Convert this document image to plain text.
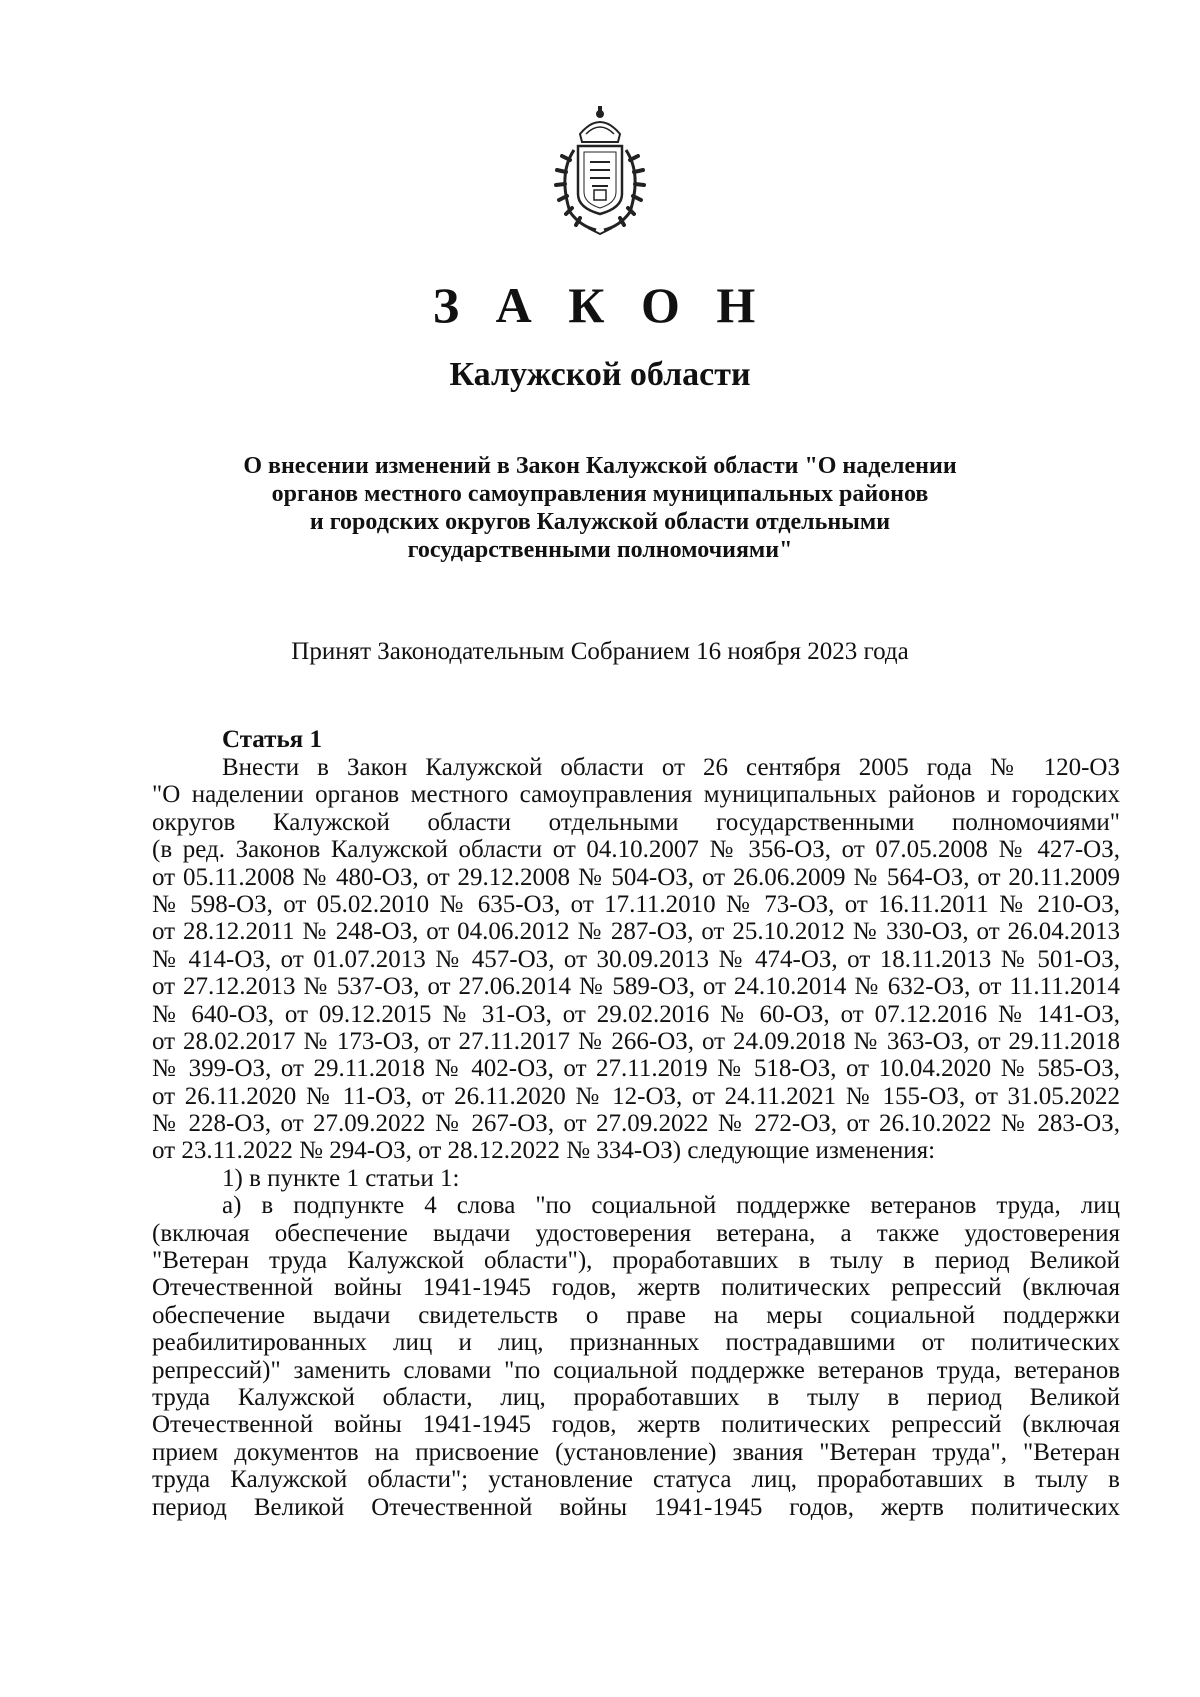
З А К О Н
Калужской области
О внесении изменений в Закон Калужской области "О наделении
органов местного самоуправления муниципальных районов
и городских округов Калужской области отдельными
государственными полномочиями"
Принят Законодательным Собранием 16 ноября 2023 года
Статья 1
Внести в Закон Калужской области от 26 сентября 2005 года № 120-ОЗ
"О наделении органов местного самоуправления муниципальных районов и городских
округов Калужской области отдельными государственными полномочиями"
(в ред. Законов Калужской области от 04.10.2007 № 356-ОЗ, от 07.05.2008 № 427-ОЗ,
от 05.11.2008 № 480-ОЗ, от 29.12.2008 № 504-ОЗ, от 26.06.2009 № 564-ОЗ, от 20.11.2009
№ 598-ОЗ, от 05.02.2010 № 635-ОЗ, от 17.11.2010 № 73-ОЗ, от 16.11.2011 № 210-ОЗ,
от 28.12.2011 № 248-ОЗ, от 04.06.2012 № 287-ОЗ, от 25.10.2012 № 330-ОЗ, от 26.04.2013
№ 414-ОЗ, от 01.07.2013 № 457-ОЗ, от 30.09.2013 № 474-ОЗ, от 18.11.2013 № 501-ОЗ,
от 27.12.2013 № 537-ОЗ, от 27.06.2014 № 589-ОЗ, от 24.10.2014 № 632-ОЗ, от 11.11.2014
№ 640-ОЗ, от 09.12.2015 № 31-ОЗ, от 29.02.2016 № 60-ОЗ, от 07.12.2016 № 141-ОЗ,
от 28.02.2017 № 173-ОЗ, от 27.11.2017 № 266-ОЗ, от 24.09.2018 № 363-ОЗ, от 29.11.2018
№ 399-ОЗ, от 29.11.2018 № 402-ОЗ, от 27.11.2019 № 518-ОЗ, от 10.04.2020 № 585-ОЗ,
от 26.11.2020 № 11-ОЗ, от 26.11.2020 № 12-ОЗ, от 24.11.2021 № 155-ОЗ, от 31.05.2022
№ 228-ОЗ, от 27.09.2022 № 267-ОЗ, от 27.09.2022 № 272-ОЗ, от 26.10.2022 № 283-ОЗ,
от 23.11.2022 № 294-ОЗ, от 28.12.2022 № 334-ОЗ) следующие изменения:
1) в пункте 1 статьи 1:
а) в подпункте 4 слова "по социальной поддержке ветеранов труда, лиц
(включая обеспечение выдачи удостоверения ветерана, а также удостоверения
"Ветеран труда Калужской области"), проработавших в тылу в период Великой
Отечественной войны 1941-1945 годов, жертв политических репрессий (включая
обеспечение выдачи свидетельств о праве на меры социальной поддержки
реабилитированных лиц и лиц, признанных пострадавшими от политических
репрессий)" заменить словами "по социальной поддержке ветеранов труда, ветеранов
труда Калужской области, лиц, проработавших в тылу в период Великой
Отечественной войны 1941-1945 годов, жертв политических репрессий (включая
прием документов на присвоение (установление) звания "Ветеран труда", "Ветеран
труда Калужской области"; установление статуса лиц, проработавших в тылу в
период Великой Отечественной войны 1941-1945 годов, жертв политических
